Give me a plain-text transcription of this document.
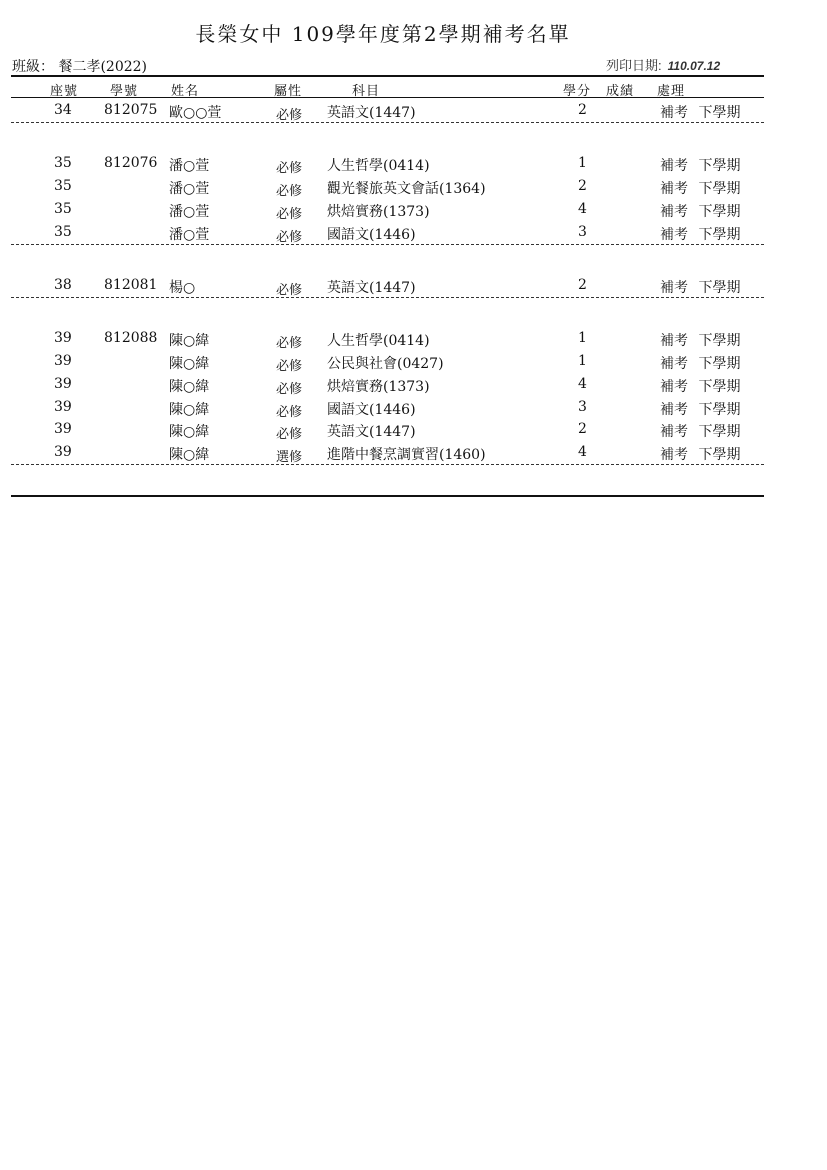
長榮女中 109學年度第2學期補考名單
班級： 餐二孝(2022)	列印日期: 110.07.12
座號 學號	姓名	屬性	科目	學分 成績 處理
34 812075 歐○○萱	必修 英語文(1447)	2	補考 下學期
35 812076 潘○萱	必修 人生哲學(0414)	1	補考 下學期
35	潘○萱	必修 觀光餐旅英文會話(1364)	2	補考 下學期
35	潘○萱	必修 烘焙實務(1373)	4	補考 下學期
35	潘○萱	必修 國語文(1446)	3	補考 下學期
38 812081 楊○	必修 英語文(1447)	2	補考 下學期
39 812088 陳○緯	必修 人生哲學(0414)	1	補考 下學期
39	陳○緯	必修 公民與社會(0427)	1	補考 下學期
39	陳○緯	必修 烘焙實務(1373)	4	補考 下學期
39	陳○緯	必修 國語文(1446)	3	補考 下學期
39	陳○緯	必修 英語文(1447)	2	補考 下學期
39	陳○緯	選修 進階中餐烹調實習(1460)	4	補考 下學期
